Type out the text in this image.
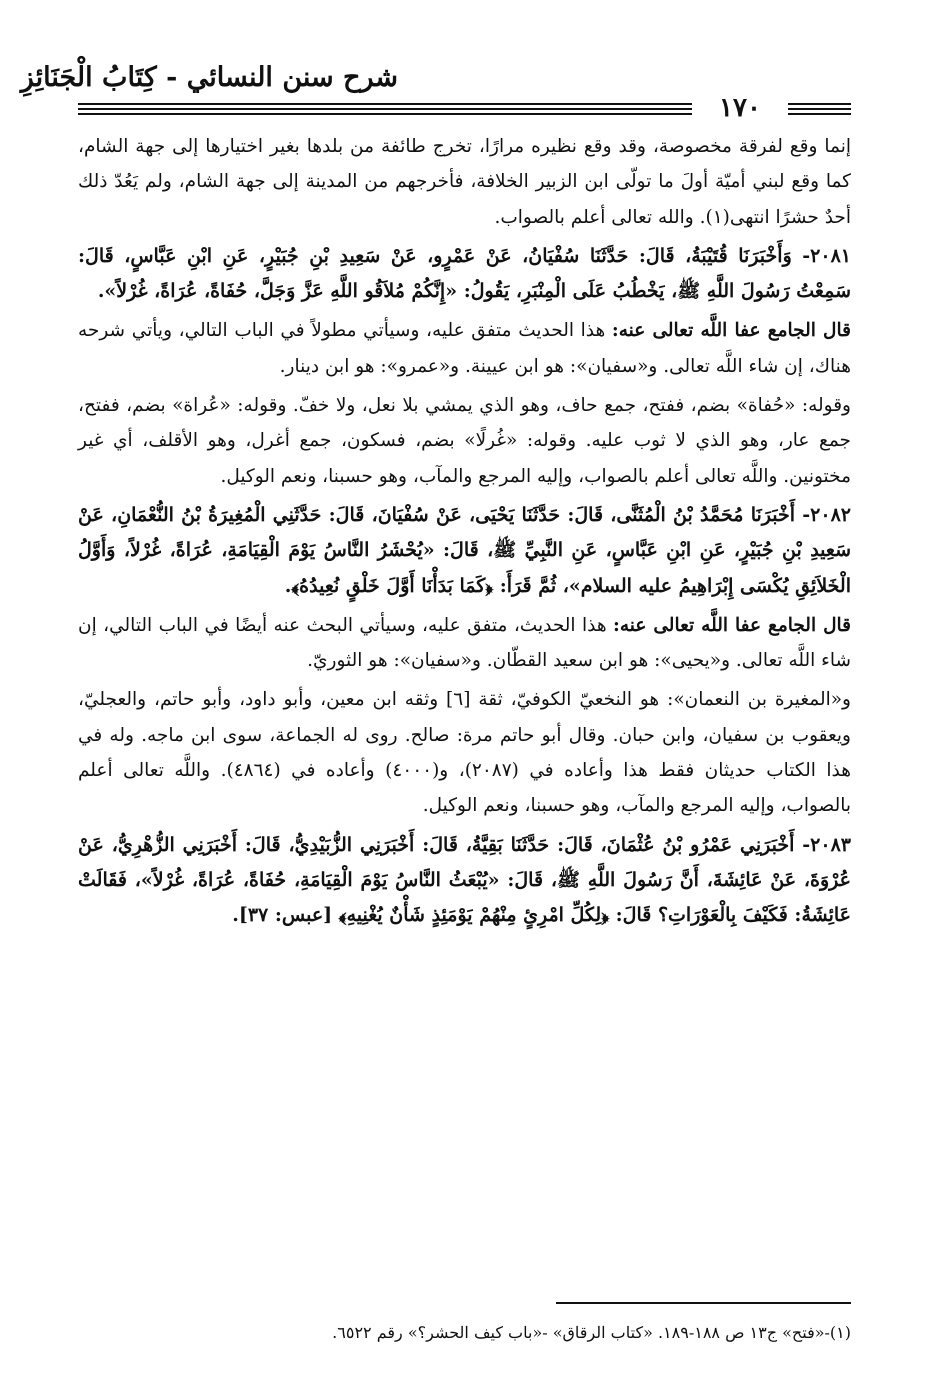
شرح سنن النسائي - كِتَابُ الْجَنَائِزِ
١٧٠

إنما وقع لفرقة مخصوصة، وقد وقع نظيره مرارًا، تخرج طائفة من بلدها بغير اختيارها إلى جهة الشام، كما وقع لبني أميّة أولَ ما تولّى ابن الزبير الخلافة، فأخرجهم من المدينة إلى جهة الشام، ولم يَعُدّ ذلك أحدٌ حشرًا انتهى(١). والله تعالى أعلم بالصواب.

٢٠٨١- وَأَخْبَرَنَا قُتَيْبَةُ، قَالَ: حَدَّثَنَا سُفْيَانُ، عَنْ عَمْرٍو، عَنْ سَعِيدِ بْنِ جُبَيْرٍ، عَنِ ابْنِ عَبَّاسٍ، قَالَ: سَمِعْتُ رَسُولَ اللَّهِ ﷺ، يَخْطُبُ عَلَى الْمِنْبَرِ، يَقُولُ: «إِنَّكُمْ مُلاَقُو اللَّهِ عَزَّ وَجَلَّ، حُفَاةً، عُرَاةً، غُرْلاً».

قال الجامع عفا اللَّه تعالى عنه: هذا الحديث متفق عليه، وسيأتي مطولاً في الباب التالي، ويأتي شرحه هناك، إن شاء اللَّه تعالى. و«سفيان»: هو ابن عيينة. و«عمرو»: هو ابن دينار.

وقوله: «حُفاة» بضم، ففتح، جمع حاف، وهو الذي يمشي بلا نعل، ولا خفّ. وقوله: «عُراة» بضم، ففتح، جمع عار، وهو الذي لا ثوب عليه. وقوله: «غُرلًا» بضم، فسكون، جمع أغرل، وهو الأقلف، أي غير مختونين. واللَّه تعالى أعلم بالصواب، وإليه المرجع والمآب، وهو حسبنا، ونعم الوكيل.

٢٠٨٢- أَخْبَرَنَا مُحَمَّدُ بْنُ الْمُثَنَّى، قَالَ: حَدَّثَنَا يَحْيَى، عَنْ سُفْيَانَ، قَالَ: حَدَّثَنِي الْمُغِيرَةُ بْنُ النُّعْمَانِ، عَنْ سَعِيدِ بْنِ جُبَيْرٍ، عَنِ ابْنِ عَبَّاسٍ، عَنِ النَّبِيِّ ﷺ، قَالَ: «يُحْشَرُ النَّاسُ يَوْمَ الْقِيَامَةِ، عُرَاةً، غُرْلاً، وَأَوَّلُ الْخَلاَئِقِ يُكْسَى إِبْرَاهِيمُ عليه السلام»، ثُمَّ قَرَأَ: ﴿كَمَا بَدَأْنَا أَوَّلَ خَلْقٍ نُعِيدُهُ﴾.

قال الجامع عفا اللَّه تعالى عنه: هذا الحديث، متفق عليه، وسيأتي البحث عنه أيضًا في الباب التالي، إن شاء اللَّه تعالى. و«يحيى»: هو ابن سعيد القطّان. و«سفيان»: هو الثوريّ.

و«المغيرة بن النعمان»: هو النخعيّ الكوفيّ، ثقة [٦] وثقه ابن معين، وأبو داود، وأبو حاتم، والعجليّ، ويعقوب بن سفيان، وابن حبان. وقال أبو حاتم مرة: صالح. روى له الجماعة، سوى ابن ماجه. وله في هذا الكتاب حديثان فقط هذا وأعاده في (٢٠٨٧)، و(٤٠٠٠) وأعاده في (٤٨٦٤). واللَّه تعالى أعلم بالصواب، وإليه المرجع والمآب، وهو حسبنا، ونعم الوكيل.

٢٠٨٣- أَخْبَرَنِي عَمْرُو بْنُ عُثْمَانَ، قَالَ: حَدَّثَنَا بَقِيَّةُ، قَالَ: أَخْبَرَنِي الزُّبَيْدِيُّ، قَالَ: أَخْبَرَنِي الزُّهْرِيُّ، عَنْ عُرْوَةَ، عَنْ عَائِشَةَ، أَنَّ رَسُولَ اللَّهِ ﷺ، قَالَ: «يُبْعَثُ النَّاسُ يَوْمَ الْقِيَامَةِ، حُفَاةً، عُرَاةً، غُرْلاً»، فَقَالَتْ عَائِشَةُ: فَكَيْفَ بِالْعَوْرَاتِ؟ قَالَ: ﴿لِكُلِّ امْرِئٍ مِنْهُمْ يَوْمَئِذٍ شَأْنٌ يُغْنِيهِ﴾ [عبس: ٣٧].

(١)-«فتح» ج١٣ ص ١٨٨-١٨٩. «كتاب الرقاق» -«باب كيف الحشر؟» رقم ٦٥٢٢.
